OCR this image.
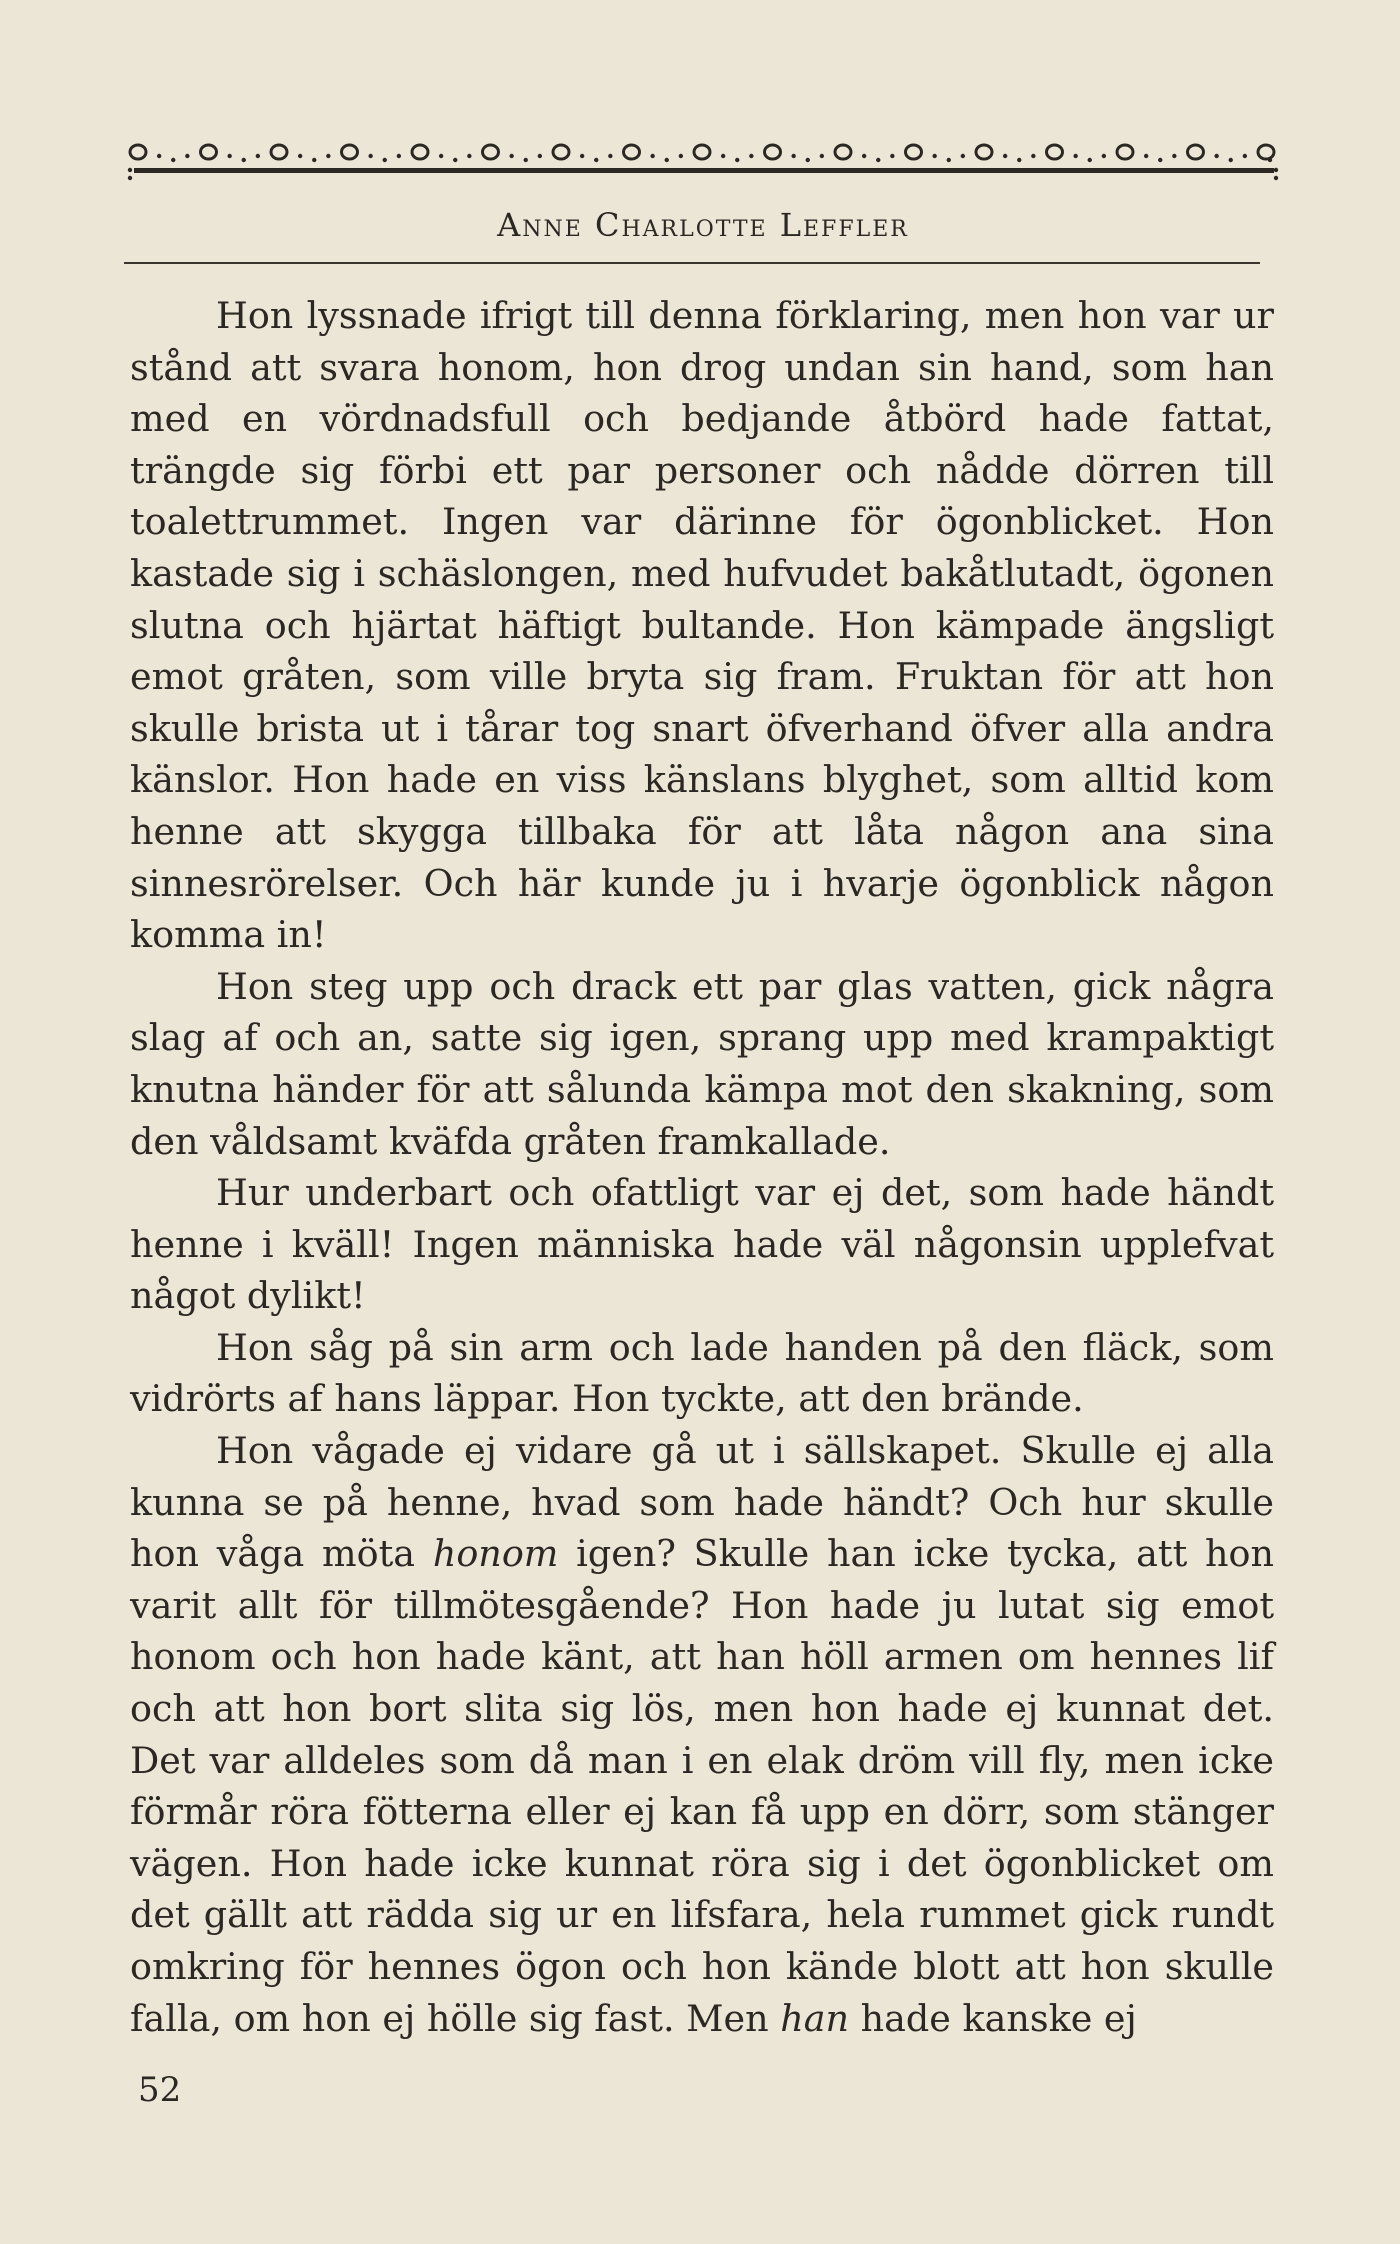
Anne Charlotte Leffler

Hon lyssnade ifrigt till denna förklaring, men hon var ur stånd att svara honom, hon drog undan sin hand, som han med en vördnadsfull och bedjande åtbörd hade fattat, trängde sig förbi ett par personer och nådde dörren till toalettrummet. Ingen var därinne för ögonblicket. Hon kastade sig i schäslongen, med hufvudet bakåtlutadt, ögonen slutna och hjärtat häftigt bultande. Hon kämpade ängsligt emot gråten, som ville bryta sig fram. Fruktan för att hon skulle brista ut i tårar tog snart öfverhand öfver alla andra känslor. Hon hade en viss känslans blyghet, som alltid kom henne att skygga tillbaka för att låta någon ana sina sinnesrörelser. Och här kunde ju i hvarje ögonblick någon komma in!

Hon steg upp och drack ett par glas vatten, gick några slag af och an, satte sig igen, sprang upp med krampaktigt knutna händer för att sålunda kämpa mot den skakning, som den våldsamt kväfda gråten framkallade.

Hur underbart och ofattligt var ej det, som hade händt henne i kväll! Ingen människa hade väl någonsin upplefvat något dylikt!

Hon såg på sin arm och lade handen på den fläck, som vidrörts af hans läppar. Hon tyckte, att den brände.

Hon vågade ej vidare gå ut i sällskapet. Skulle ej alla kunna se på henne, hvad som hade händt? Och hur skulle hon våga möta honom igen? Skulle han icke tycka, att hon varit allt för tillmötesgående? Hon hade ju lutat sig emot honom och hon hade känt, att han höll armen om hennes lif och att hon bort slita sig lös, men hon hade ej kunnat det. Det var alldeles som då man i en elak dröm vill fly, men icke förmår röra fötterna eller ej kan få upp en dörr, som stänger vägen. Hon hade icke kunnat röra sig i det ögonblicket om det gällt att rädda sig ur en lifsfara, hela rummet gick rundt omkring för hennes ögon och hon kände blott att hon skulle falla, om hon ej hölle sig fast. Men han hade kanske ej

52
